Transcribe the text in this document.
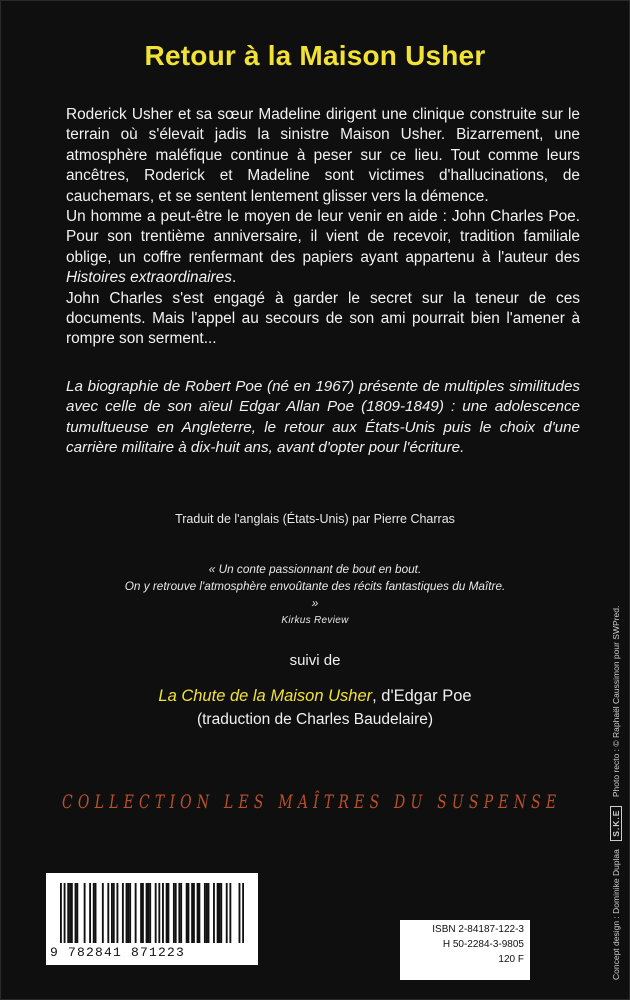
Retour à la Maison Usher

Roderick Usher et sa sœur Madeline dirigent une clinique construite sur le terrain où s'élevait jadis la sinistre Maison Usher. Bizarrement, une atmosphère maléfique continue à peser sur ce lieu. Tout comme leurs ancêtres, Roderick et Madeline sont victimes d'hallucinations, de cauchemars, et se sentent lentement glisser vers la démence.

Un homme a peut-être le moyen de leur venir en aide : John Charles Poe. Pour son trentième anniversaire, il vient de recevoir, tradition familiale oblige, un coffre renfermant des papiers ayant appartenu à l'auteur des Histoires extraordinaires.

John Charles s'est engagé à garder le secret sur la teneur de ces documents. Mais l'appel au secours de son ami pourrait bien l'amener à rompre son serment...

La biographie de Robert Poe (né en 1967) présente de multiples similitudes avec celle de son aïeul Edgar Allan Poe (1809-1849) : une adolescence tumultueuse en Angleterre, le retour aux États-Unis puis le choix d'une carrière militaire à dix-huit ans, avant d'opter pour l'écriture.

Traduit de l'anglais (États-Unis) par Pierre Charras
« Un conte passionnant de bout en bout.
On y retrouve l'atmosphère envoûtante des récits fantastiques du Maître. »
Kirkus Review
suivi de
La Chute de la Maison Usher, d'Edgar Poe
(traduction de Charles Baudelaire)
COLLECTION LES MAÎTRES DU SUSPENSE
9 782841 871223
ISBN 2-84187-122-3
H 50-2284-3-9805
120 F	Concept design : Dominike Duplaa S.K.E Photo recto : © Raphaël Caussimon pour SWPred.
